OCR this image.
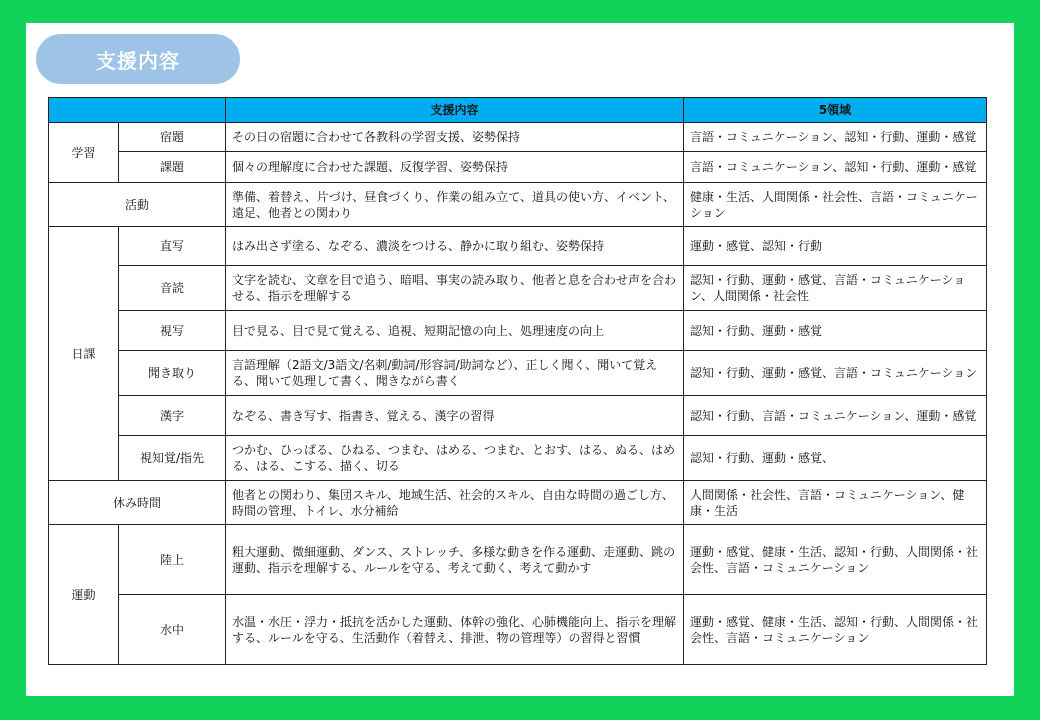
支援内容
		支援内容	5領域
学習	宿題	その日の宿題に合わせて各教科の学習支援、姿勢保持	言語・コミュニケーション、認知・行動、運動・感覚
	課題	個々の理解度に合わせた課題、反復学習、姿勢保持	言語・コミュニケーション、認知・行動、運動・感覚
活動		準備、着替え、片づけ、昼食づくり、作業の組み立て、道具の使い方、イベント、遠足、他者との関わり	健康・生活、人間関係・社会性、言語・コミュニケーション
日課	直写	はみ出さず塗る、なぞる、濃淡をつける、静かに取り組む、姿勢保持	運動・感覚、認知・行動
	音読	文字を読む、文章を目で追う、暗唱、事実の読み取り、他者と息を合わせ声を合わせる、指示を理解する	認知・行動、運動・感覚、言語・コミュニケーション、人間関係・社会性
	視写	目で見る、目で見て覚える、追視、短期記憶の向上、処理速度の向上	認知・行動、運動・感覚
	聞き取り	言語理解（2語文/3語文/名刺/動詞/形容詞/助詞など）、正しく聞く、聞いて覚える、聞いて処理して書く、聞きながら書く	認知・行動、運動・感覚、言語・コミュニケーション
	漢字	なぞる、書き写す、指書き、覚える、漢字の習得	認知・行動、言語・コミュニケーション、運動・感覚
	視知覚/指先	つかむ、ひっぱる、ひねる、つまむ、はめる、つまむ、とおす、はる、ぬる、はめる、はる、こする、描く、切る	認知・行動、運動・感覚、
休み時間		他者との関わり、集団スキル、地域生活、社会的スキル、自由な時間の過ごし方、時間の管理、トイレ、水分補給	人間関係・社会性、言語・コミュニケーション、健康・生活
運動	陸上	粗大運動、微細運動、ダンス、ストレッチ、多様な動きを作る運動、走運動、跳の運動、指示を理解する、ルールを守る、考えて動く、考えて動かす	運動・感覚、健康・生活、認知・行動、人間関係・社会性、言語・コミュニケーション
	水中	水温・水圧・浮力・抵抗を活かした運動、体幹の強化、心肺機能向上、指示を理解する、ルールを守る、生活動作（着替え、排泄、物の管理等）の習得と習慣	運動・感覚、健康・生活、認知・行動、人間関係・社会性、言語・コミュニケーション
